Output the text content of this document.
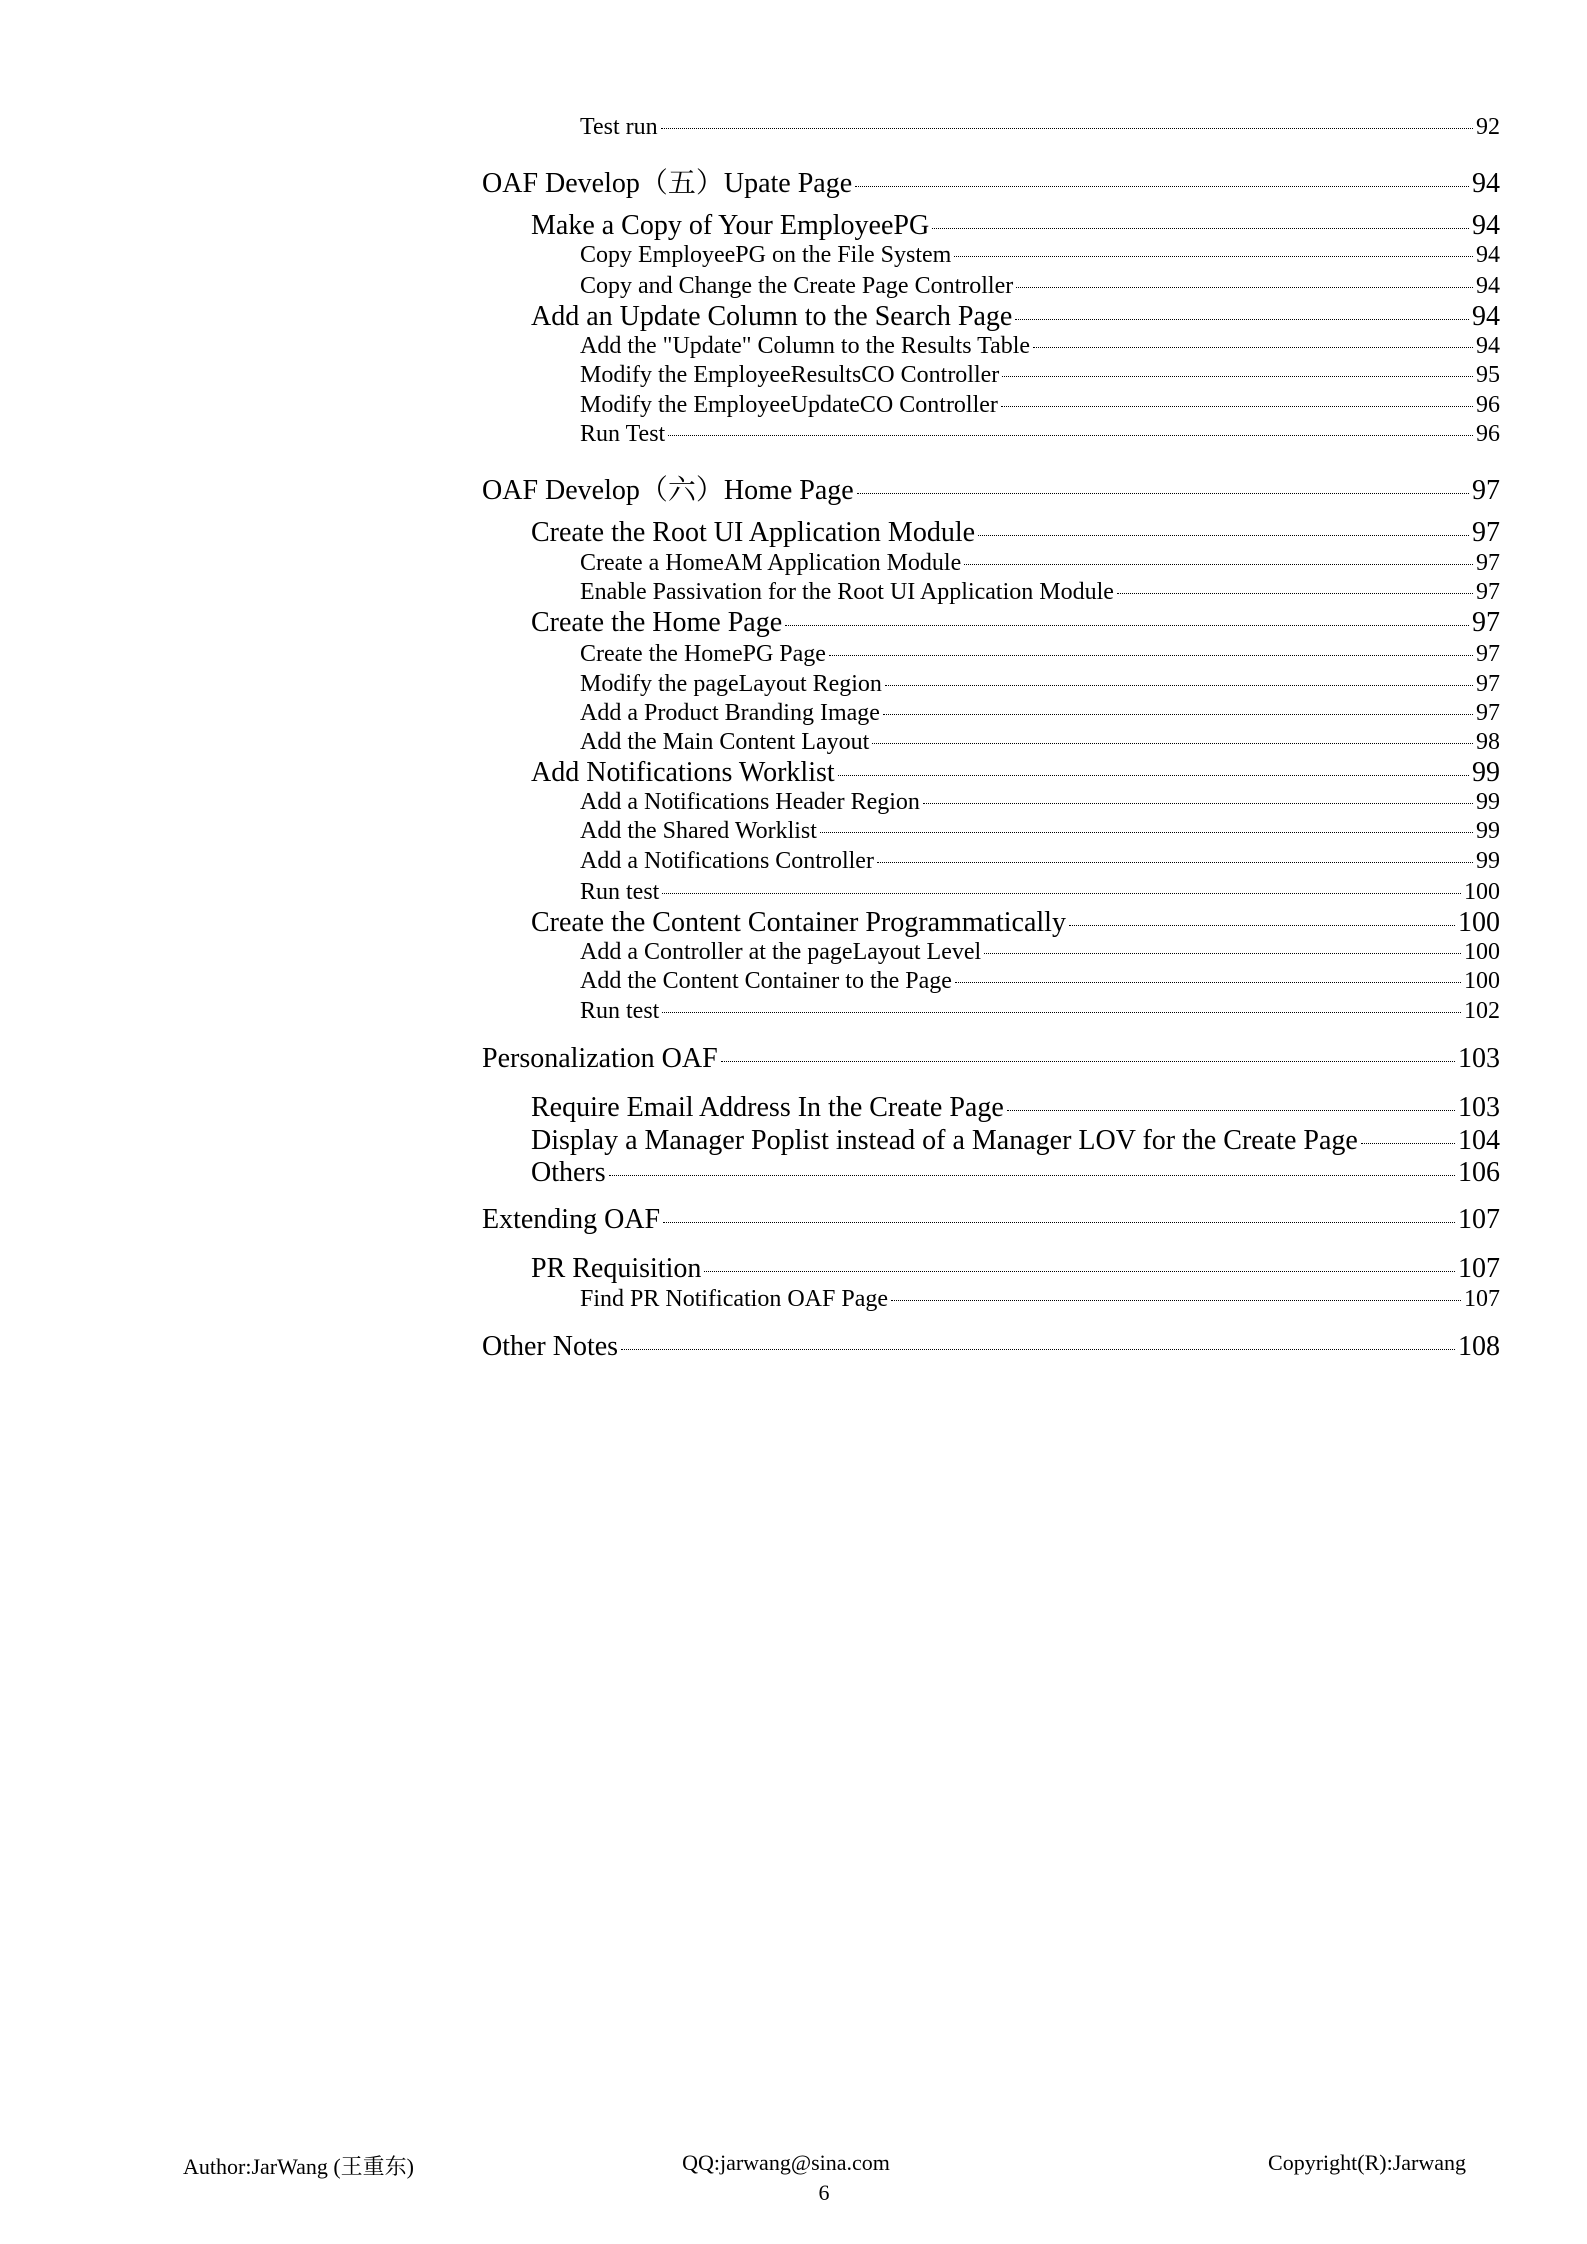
Test run	92
OAF Develop（五）Upate Page	94
Make a Copy of Your EmployeePG	94
Copy EmployeePG on the File System	94
Copy and Change the Create Page Controller	94
Add an Update Column to the Search Page	94
Add the "Update" Column to the Results Table	94
Modify the EmployeeResultsCO Controller	95
Modify the EmployeeUpdateCO Controller	96
Run Test	96
OAF Develop（六）Home Page	97
Create the Root UI Application Module	97
Create a HomeAM Application Module	97
Enable Passivation for the Root UI Application Module	97
Create the Home Page	97
Create the HomePG Page	97
Modify the pageLayout Region	97
Add a Product Branding Image	97
Add the Main Content Layout	98
Add Notifications Worklist	99
Add a Notifications Header Region	99
Add the Shared Worklist	99
Add a Notifications Controller	99
Run test	100
Create the Content Container Programmatically	100
Add a Controller at the pageLayout Level	100
Add the Content Container to the Page	100
Run test	102
Personalization OAF	103
Require Email Address In the Create Page	103
Display a Manager Poplist instead of a Manager LOV for the Create Page	104
Others	106
Extending OAF	107
PR Requisition	107
Find PR Notification OAF Page	107
Other Notes	108
Author:JarWang (王重东)	QQ:jarwang@sina.com	Copyright(R):Jarwang
6
